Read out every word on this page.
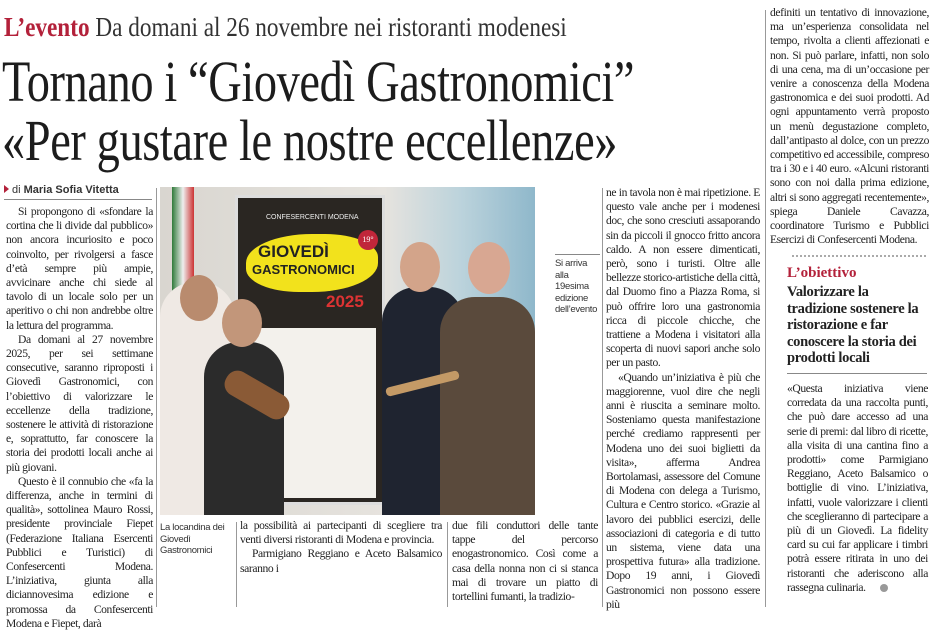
L’evento Da domani al 26 novembre nei ristoranti modenesi
Tornano i “Giovedì Gastronomici”
«Per gustare le nostre eccellenze»
di Maria Sofia Vitetta

Si propongono di «sfondare la cortina che li divide dal pubblico» non ancora incuriosito e poco coinvolto, per rivolgersi a fasce d’età sempre più ampie, avvicinare anche chi siede al tavolo di un locale solo per un aperitivo o chi non andrebbe oltre la lettura del programma.

Da domani al 27 novembre 2025, per sei settimane consecutive, saranno riproposti i Giovedì Gastronomici, con l’obiettivo di valorizzare le eccellenze della tradizione, sostenere le attività di ristorazione e, soprattutto, far conoscere la storia dei prodotti locali anche ai più giovani.

Questo è il connubio che «fa la differenza, anche in termini di qualità», sottolinea Mauro Rossi, presidente provinciale Fiepet (Federazione Italiana Esercenti Pubblici e Turistici) di Confesercenti Modena. L’iniziativa, giunta alla diciannovesima edizione e promossa da Confesercenti Modena e Fiepet, darà

CONFESERCENTI MODENA
GIOVEDÌ
GASTRONOMICI
19°
2025
Si arriva alla 19esima edizione dell’evento
La locandina dei Giovedì Gastronomici

la possibilità ai partecipanti di scegliere tra venti diversi ristoranti di Modena e provincia.

Parmigiano Reggiano e Aceto Balsamico saranno i

due fili conduttori delle tante tappe del percorso enogastronomico. Così come a casa della nonna non ci si stanca mai di trovare un piatto di tortellini fumanti, la tradizio-

ne in tavola non è mai ripetizione. E questo vale anche per i modenesi doc, che sono cresciuti assaporando sin da piccoli il gnocco fritto ancora caldo. A non essere dimenticati, però, sono i turisti. Oltre alle bellezze storico-artistiche della città, dal Duomo fino a Piazza Roma, si può offrire loro una gastronomia ricca di piccole chicche, che trattiene a Modena i visitatori alla scoperta di nuovi sapori anche solo per un pasto.

«Quando un’iniziativa è più che maggiorenne, vuol dire che negli anni è riuscita a seminare molto. Sosteniamo questa manifestazione perché crediamo rappresenti per Modena uno dei suoi biglietti da visita», afferma Andrea Bortolamasi, assessore del Comune di Modena con delega a Turismo, Cultura e Centro storico. «Grazie al lavoro dei pubblici esercizi, delle associazioni di categoria e di tutto un sistema, viene data una prospettiva futura» alla tradizione. Dopo 19 anni, i Giovedì Gastronomici non possono essere più

definiti un tentativo di innovazione, ma un’esperienza consolidata nel tempo, rivolta a clienti affezionati e non. Si può parlare, infatti, non solo di una cena, ma di un’occasione per venire a conoscenza della Modena gastronomica e dei suoi prodotti. Ad ogni appuntamento verrà proposto un menù degustazione completo, dall’antipasto al dolce, con un prezzo competitivo ed accessibile, compreso tra i 30 e i 40 euro. «Alcuni ristoranti sono con noi dalla prima edizione, altri si sono aggregati recentemente», spiega Daniele Cavazza, coordinatore Turismo e Pubblici Esercizi di Confesercenti Modena.

L’obiettivo
Valorizzare la tradizione sostenere la ristorazione e far conoscere la storia dei prodotti locali

«Questa iniziativa viene corredata da una raccolta punti, che può dare accesso ad una serie di premi: dal libro di ricette, alla visita di una cantina fino a prodotti» come Parmigiano Reggiano, Aceto Balsamico o bottiglie di vino. L’iniziativa, infatti, vuole valorizzare i clienti che sceglieranno di partecipare a più di un Giovedì. La fidelity card su cui far applicare i timbri potrà essere ritirata in uno dei ristoranti che aderiscono alla rassegna culinaria.
